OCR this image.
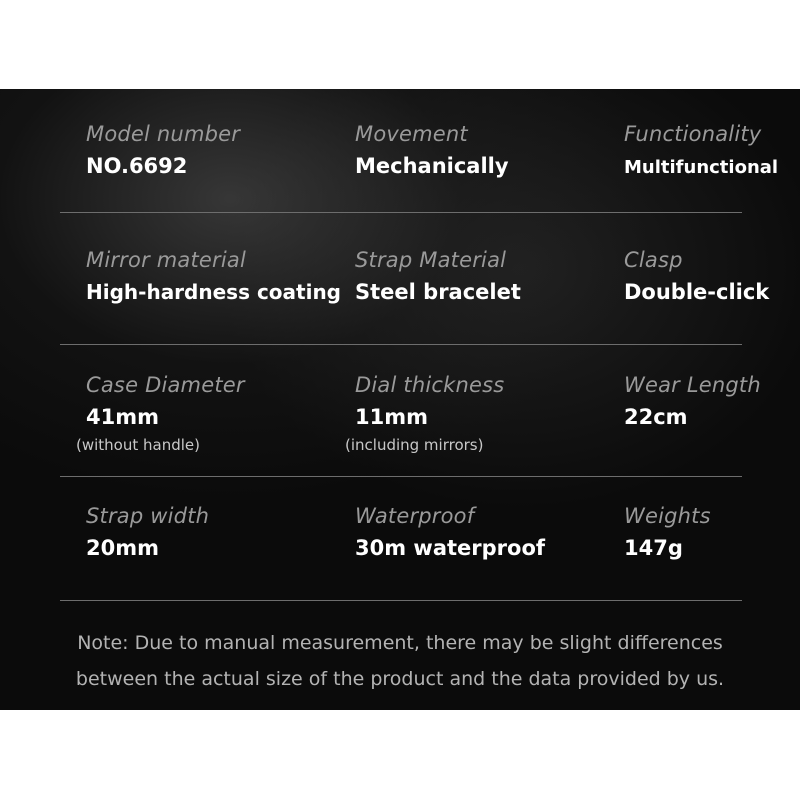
Model number
NO.6692
Movement
Mechanically
Functionality
Multifunctional
Mirror material
High-hardness coating
Strap Material
Steel bracelet
Clasp
Double-click
Case Diameter
41mm
(without handle)
Dial thickness
11mm
(including mirrors)
Wear Length
22cm
Strap width
20mm
Waterproof
30m waterproof
Weights
147g
Note: Due to manual measurement, there may be slight differences between the actual size of the product and the data provided by us.
